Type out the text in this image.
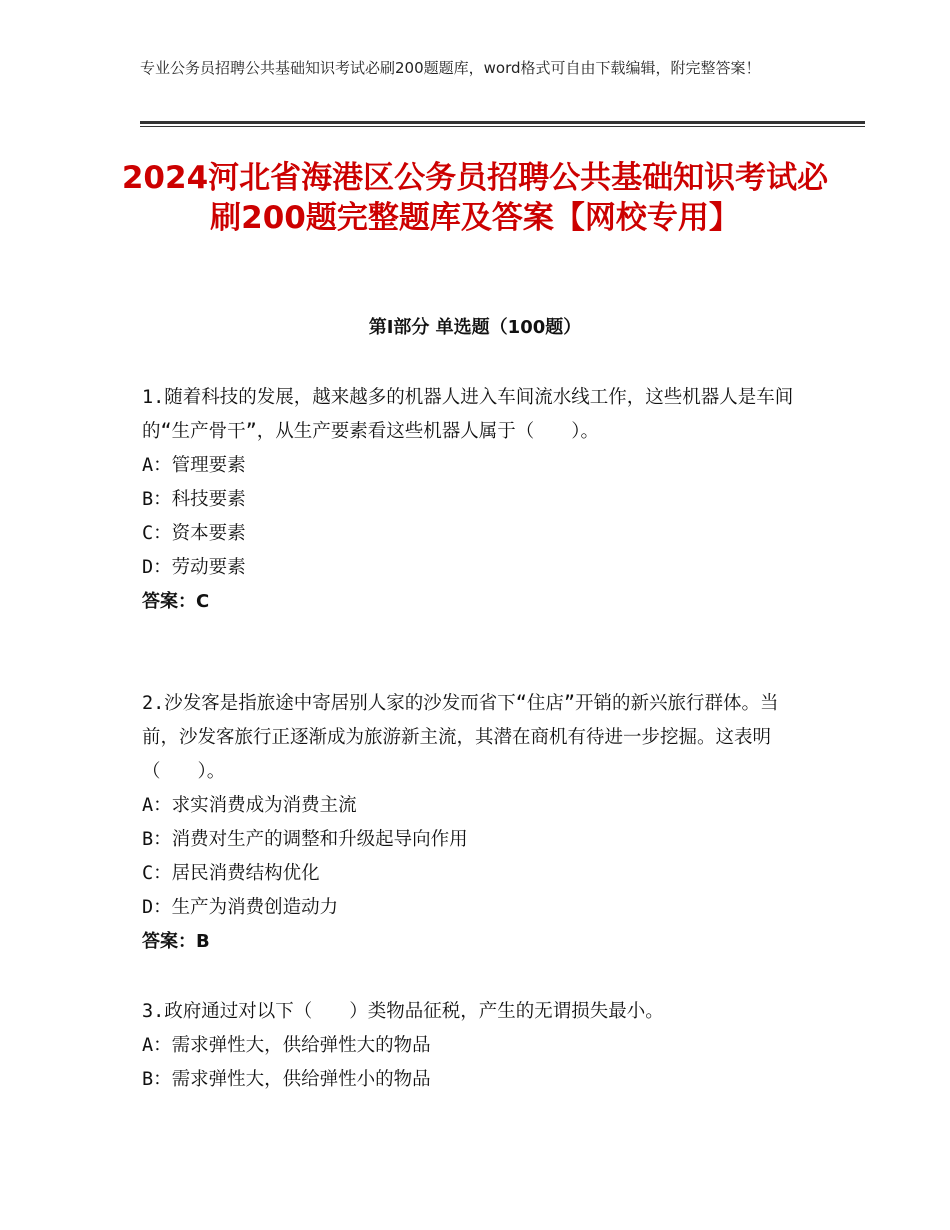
专业公务员招聘公共基础知识考试必刷200题题库，word格式可自由下载编辑，附完整答案！
2024河北省海港区公务员招聘公共基础知识考试必刷200题完整题库及答案【网校专用】
第Ⅰ部分 单选题（100题）
1.随着科技的发展，越来越多的机器人进入车间流水线工作，这些机器人是车间的“生产骨干”，从生产要素看这些机器人属于（　　）。
A：管理要素
B：科技要素
C：资本要素
D：劳动要素
答案：C
2.沙发客是指旅途中寄居别人家的沙发而省下“住店”开销的新兴旅行群体。当前，沙发客旅行正逐渐成为旅游新主流，其潜在商机有待进一步挖掘。这表明（　　）。
A：求实消费成为消费主流
B：消费对生产的调整和升级起导向作用
C：居民消费结构优化
D：生产为消费创造动力
答案：B
3.政府通过对以下（　　）类物品征税，产生的无谓损失最小。
A：需求弹性大，供给弹性大的物品
B：需求弹性大，供给弹性小的物品
